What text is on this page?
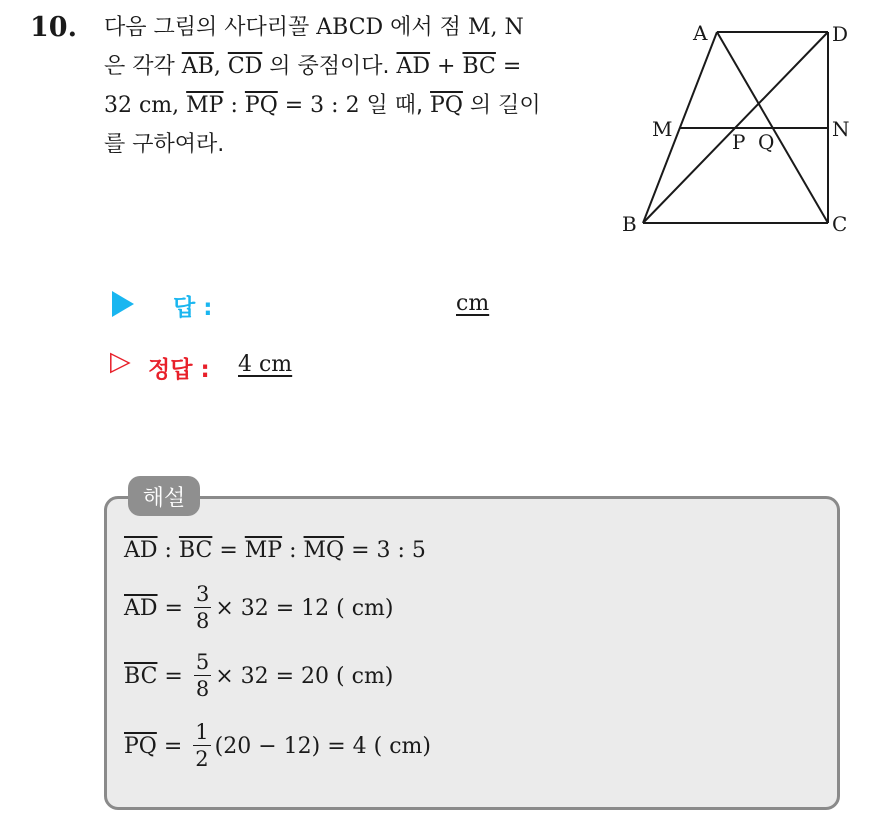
10. 다음 그림의 사다리꼴 ABCD 에서 점 M, N
은 각각 $\overline{AB}$, $\overline{CD}$ 의 중점이다. $\overline{AD} + \overline{BC}$ =
32 cm, $\overline{MP}$ : $\overline{PQ} = 3$ : 2 일 때, $\overline{PQ}$ 의 길이
를 구하여라.
A	D
M	N
P Q
B	C
답 :	cm
▷ 정답 : 4 cm
해설
$\overline{AD}$ : $\overline{BC} = \overline{MP}$ : $\overline{MQ} = 3$ : 5
$\overline{AD} = \frac{3}{8} \times 32 = 12$ ( cm)
$\overline{BC} = \frac{5}{8} \times 32 = 20$ ( cm)
$\overline{PQ} = \frac{1}{2} (20 - 12) = 4$ ( cm)
